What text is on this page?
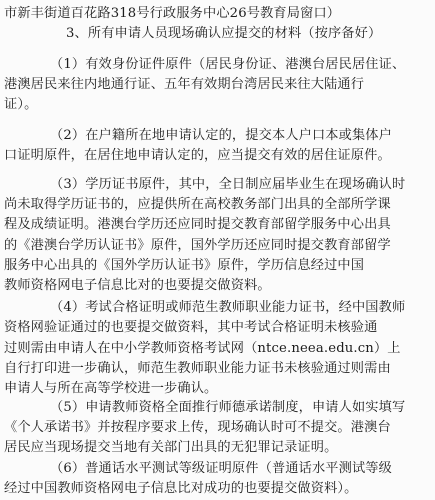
市新丰街道百花路318号行政服务中心26号教育局窗口）
3、所有申请人员现场确认应提交的材料（按序备好）
（1）有效身份证件原件（居民身份证、港澳台居民居住证、
港澳居民来往内地通行证、五年有效期台湾居民来往大陆通行
证）。
（2）在户籍所在地申请认定的，提交本人户口本或集体户
口证明原件，在居住地申请认定的，应当提交有效的居住证原件。
（3）学历证书原件，其中，全日制应届毕业生在现场确认时
尚未取得学历证书的，应提供所在高校教务部门出具的全部所学课
程及成绩证明。港澳台学历还应同时提交教育部留学服务中心出具
的《港澳台学历认证书》原件，国外学历还应同时提交教育部留学
服务中心出具的《国外学历认证书》原件，学历信息经过中国
教师资格网电子信息比对的也要提交做资料。
（4）考试合格证明或师范生教师职业能力证书，经中国教师
资格网验证通过的也要提交做资料，其中考试合格证明未核验通
过则需由申请人在中小学教师资格考试网（ntce.neea.edu.cn）上
自行打印进一步确认，师范生教师职业能力证书未核验通过则需由
申请人与所在高等学校进一步确认。
（5）申请教师资格全面推行师德承诺制度，申请人如实填写
《个人承诺书》并按程序要求上传，现场确认时可不提交。港澳台
居民应当现场提交当地有关部门出具的无犯罪记录证明。
（6）普通话水平测试等级证明原件（普通话水平测试等级
经过中国教师资格网电子信息比对成功的也要提交做资料）。
